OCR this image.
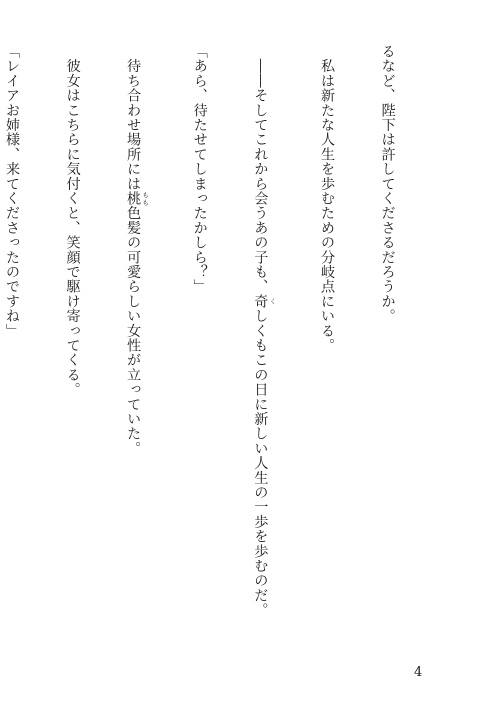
るなど、陛下は許してくださるだろうか。

　私は新たな人生を歩むための分岐点にいる。

　――そしてこれから会うあの子も、奇 くしくもこの日に新しい人生の一歩を歩むのだ。

「あら、待たせてしまったかしら？」

　待ち合わせ場所には桃 もも色髪の可愛らしい女性が立っていた。

　彼女はこちらに気付くと、笑顔で駆け寄ってくる。

「レイアお姉様、来てくださったのですね」

4
